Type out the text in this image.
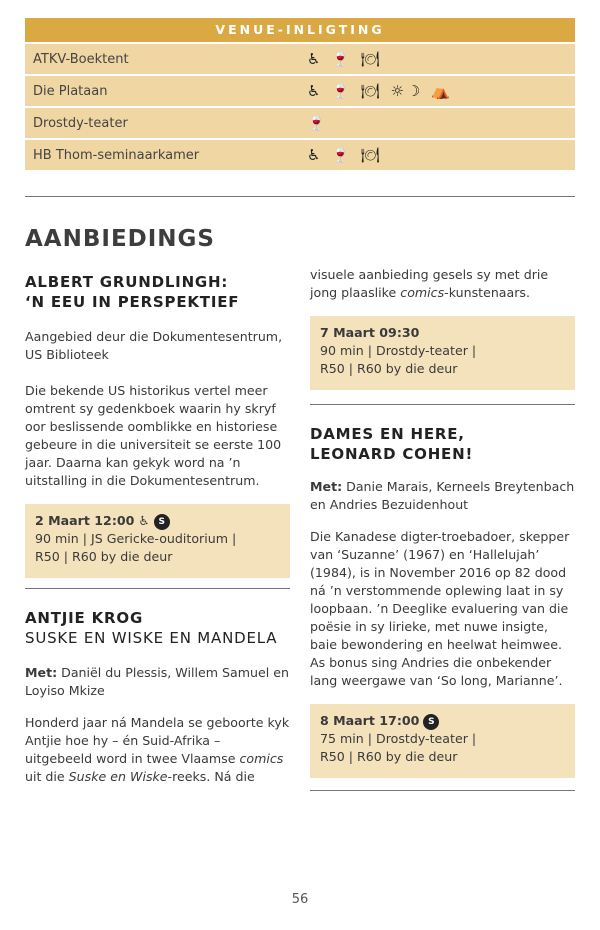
VENUE-INLIGTING
ATKV-Boektent	♿ 🍷 🍽
Die Plataan	♿ 🍷 🍽 ☼☽ ⛺
Drostdy-teater	🍷
HB Thom-seminaarkamer	♿ 🍷 🍽
AANBIEDINGS
ALBERT GRUNDLINGH:
‘N EEU IN PERSPEKTIEF

Aangebied deur die Dokumentesentrum, US Biblioteek

Die bekende US historikus vertel meer omtrent sy gedenkboek waarin hy skryf oor beslissende oomblikke en historiese gebeure in die universiteit se eerste 100 jaar. Daarna kan gekyk word na ’n uitstalling in die Dokumentesentrum.

2 Maart 12:00 ♿ S
90 min | JS Gericke-ouditorium |
R50 | R60 by die deur
ANTJIE KROG
SUSKE EN WISKE EN MANDELA

Met: Daniël du Plessis, Willem Samuel en Loyiso Mkize

Honderd jaar ná Mandela se geboorte kyk Antjie hoe hy – én Suid-Afrika – uitgebeeld word in twee Vlaamse comics uit die Suske en Wiske-reeks. Ná die

visuele aanbieding gesels sy met drie jong plaaslike comics-kunstenaars.
7 Maart 09:30
90 min | Drostdy-teater |
R50 | R60 by die deur
DAMES EN HERE,
LEONARD COHEN!

Met: Danie Marais, Kerneels Breytenbach en Andries Bezuidenhout

Die Kanadese digter-troebadoer, skepper van ‘Suzanne’ (1967) en ‘Hallelujah’ (1984), is in November 2016 op 82 dood ná ’n verstommende oplewing laat in sy loopbaan. ’n Deeglike evaluering van die poësie in sy lirieke, met nuwe insigte, baie bewondering en heelwat heimwee. As bonus sing Andries die onbekender lang weergawe van ‘So long, Marianne’.

8 Maart 17:00 S
75 min | Drostdy-teater |
R50 | R60 by die deur
56
